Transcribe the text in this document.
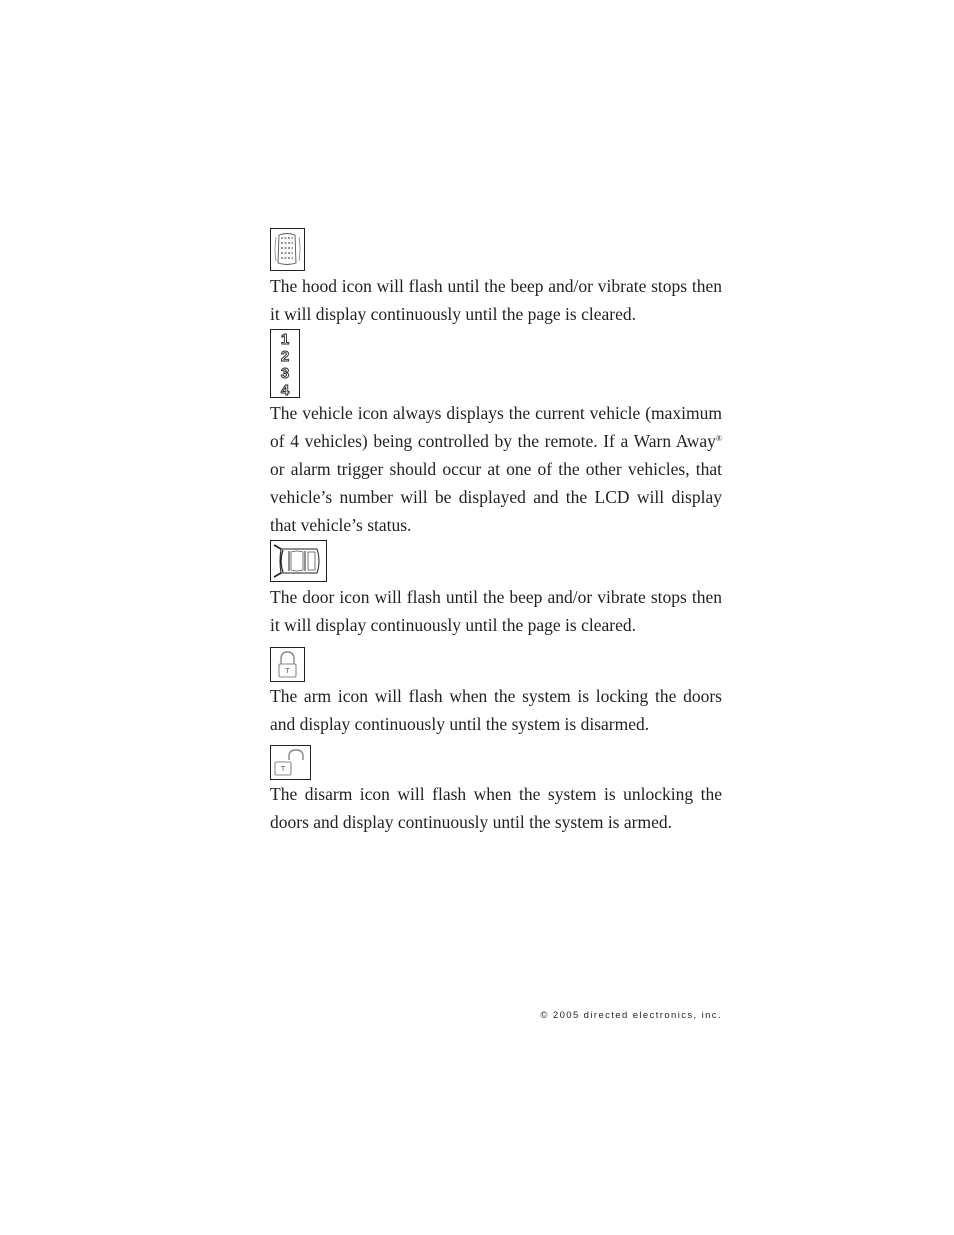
The hood icon will flash until the beep and/or vibrate stops then it will display continuously until the page is cleared.

1
2
3
4

The vehicle icon always displays the current vehicle (maximum of 4 vehicles) being controlled by the remote. If a Warn Away® or alarm trigger should occur at one of the other vehicles, that vehicle’s number will be displayed and the LCD will display that vehicle’s status.

The door icon will flash until the beep and/or vibrate stops then it will display continuously until the page is cleared.

The arm icon will flash when the system is locking the doors and display continuously until the system is disarmed.

The disarm icon will flash when the system is unlocking the doors and display continuously until the system is armed.

© 2005 directed electronics, inc.
